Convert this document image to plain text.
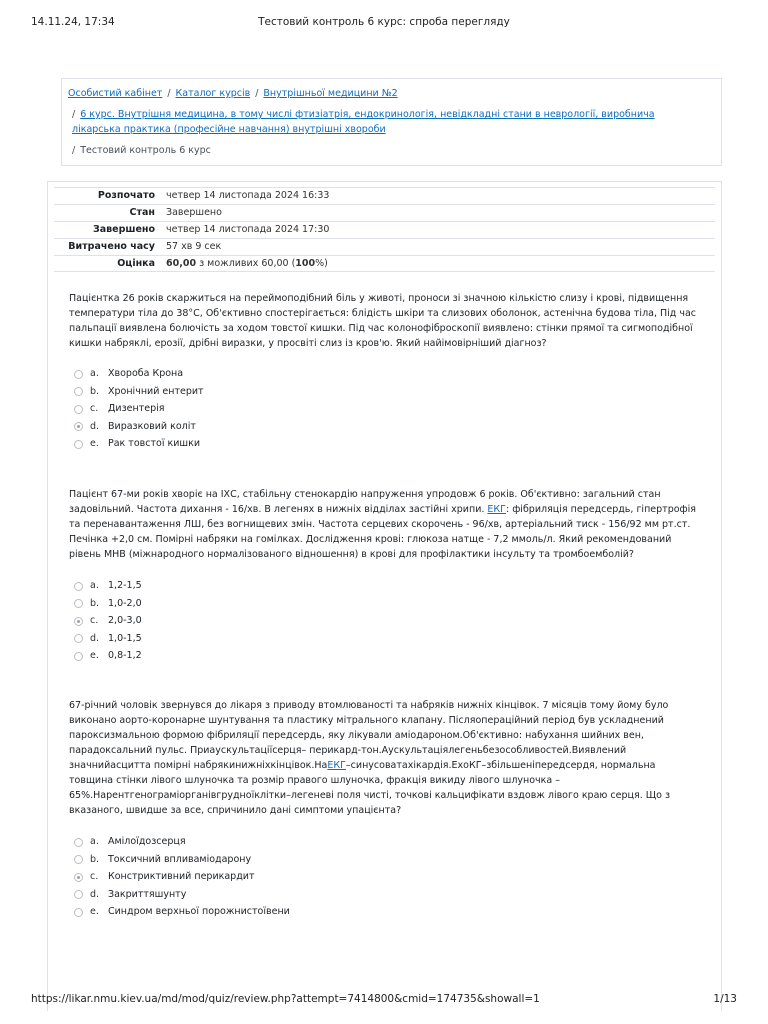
14.11.24, 17:34	Тестовий контроль 6 курс: спроба перегляду
Особистий кабінет / Каталог курсів / Внутрішньої медицини №2
/ 6 курс. Внутрішня медицина, в тому числі фтизіатрія, ендокринологія, невідкладні стани в неврології, виробнича лікарська практика (професійне навчання) внутрішні хвороби
/ Тестовий контроль 6 курс
Розпочато четвер 14 листопада 2024 16:33
Стан Завершено
Завершено четвер 14 листопада 2024 17:30
Витрачено часу 57 хв 9 сек
Оцінка 60,00 з можливих 60,00 (100%)
Пацієнтка 26 років скаржиться на переймоподібний біль у животі, проноси зі значною кількістю слизу і крові, підвищення температури тіла до 38°С, Об'єктивно спостерігається: блідість шкіри та слизових оболонок, астенічна будова тіла, Під час пальпації виявлена болючість за ходом товстої кишки. Під час колонофіброскопії виявлено: стінки прямої та сигмоподібної кишки набряклі, ерозії, дрібні виразки, у просвіті слиз із кров'ю. Який найімовірніший діагноз?
a. Хвороба Крона
b. Хронічний ентерит
c. Дизентерія
d. Виразковий коліт
e. Рак товстої кишки
Пацієнт 67-ми років хворіє на ІХС, стабільну стенокардію напруження упродовж 6 років. Об'єктивно: загальний стан задовільний. Частота дихання - 16/хв. В легенях в нижніх відділах застійні хрипи. ЕКГ: фібриляція передсердь, гіпертрофія та перенавантаження ЛШ, без вогнищевих змін. Частота серцевих скорочень - 96/хв, артеріальний тиск - 156/92 мм рт.ст. Печінка +2,0 см. Помірні набряки на гомілках. Дослідження крові: глюкоза натще - 7,2 ммоль/л. Який рекомендований рівень МНВ (міжнародного нормалізованого відношення) в крові для профілактики інсульту та тромбоемболій?
a. 1,2-1,5
b. 1,0-2,0
c. 2,0-3,0
d. 1,0-1,5
e. 0,8-1,2
67-річний чоловік звернувся до лікаря з приводу втомлюваності та набряків нижніх кінцівок. 7 місяців тому йому було виконано аорто-коронарне шунтування та пластику мітрального клапану. Післяопераційний період був ускладнений пароксизмальною формою фібриляції передсердь, яку лікували аміодароном.Об'єктивно: набухання шийних вен, парадоксальний пульс. Приаускультаціїсерця– перикард-тон.Аускультаціялегеньбезособливостей.Виявлений значнийасцитта помірні набрякинижніхкінцівок.НаЕКГ–синусоватахікардія.ЕхоКГ–збільшеніпередсердя, нормальна товщина стінки лівого шлуночка та розмір правого шлуночка, фракція викиду лівого шлуночка – 65%.Нарентгенограміорганівгруднoїклітки–легеневі поля чисті, точкові кальцифікати вздовж лівого краю серця. Що з вказаного, швидше за все, спричинило дані симптоми упацієнта?
a. Амілоїдозсерця
b. Токсичний впливаміодарону
c. Констриктивний перикардит
d. Закриттяшунту
e. Синдром верхньої порожнистоївени
https://likar.nmu.kiev.ua/md/mod/quiz/review.php?attempt=7414800&cmid=174735&showall=1	1/13
